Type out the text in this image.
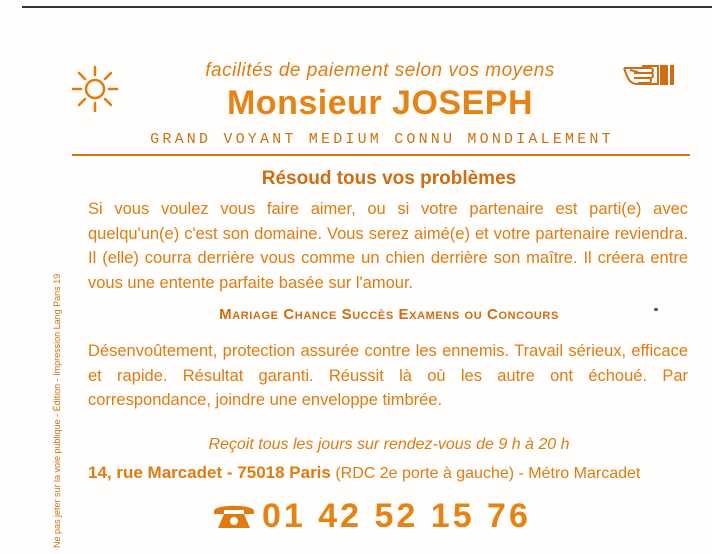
facilités de paiement selon vos moyens
Monsieur JOSEPH
GRAND VOYANT MEDIUM CONNU MONDIALEMENT
Ne pas jeter sur la voie publique - Édition - Impression Lang Paris 19
Résoud tous vos problèmes
Si vous voulez vous faire aimer, ou si votre partenaire est parti(e) avec quelqu'un(e) c'est son domaine. Vous serez aimé(e) et votre partenaire reviendra. Il (elle) courra derrière vous comme un chien derrière son maître. Il créera entre vous une entente parfaite basée sur l'amour.
Mariage Chance Succès Examens ou Concours
Désenvoûtement, protection assurée contre les ennemis. Travail sérieux, efficace et rapide. Résultat garanti. Réussit là où les autre ont échoué. Par correspondance, joindre une enveloppe timbrée.
Reçoit tous les jours sur rendez-vous de 9 h à 20 h
14, rue Marcadet - 75018 Paris (RDC 2e porte à gauche) - Métro Marcadet
01 42 52 15 76
